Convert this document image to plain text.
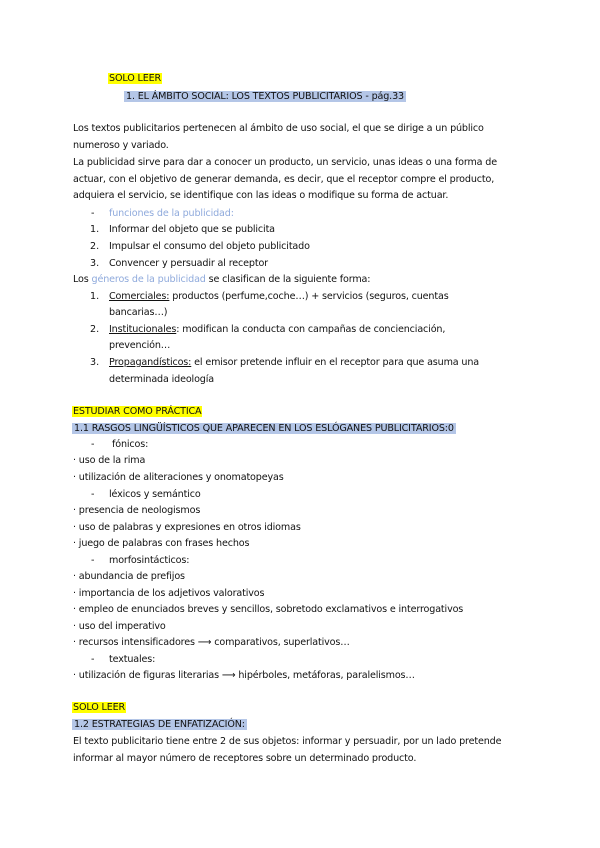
SOLO LEER
1. EL ÁMBITO SOCIAL: LOS TEXTOS PUBLICITARIOS - pág.33
Los textos publicitarios pertenecen al ámbito de uso social, el que se dirige a un público
numeroso y variado.
La publicidad sirve para dar a conocer un producto, un servicio, unas ideas o una forma de
actuar, con el objetivo de generar demanda, es decir, que el receptor compre el producto,
adquiera el servicio, se identifique con las ideas o modifique su forma de actuar.
- funciones de la publicidad:
1. Informar del objeto que se publicita
2. Impulsar el consumo del objeto publicitado
3. Convencer y persuadir al receptor
Los géneros de la publicidad se clasifican de la siguiente forma:
1. Comerciales: productos (perfume,coche…) + servicios (seguros, cuentas
bancarias…)
2. Institucionales: modifican la conducta con campañas de concienciación,
prevención…
3. Propagandísticos: el emisor pretende influir en el receptor para que asuma una
determinada ideología
ESTUDIAR COMO PRÁCTICA
1.1 RASGOS LINGÜÍSTICOS QUE APARECEN EN LOS ESLÓGANES PUBLICITARIOS:0
- fónicos:
· uso de la rima
· utilización de aliteraciones y onomatopeyas
- léxicos y semántico
· presencia de neologismos
· uso de palabras y expresiones en otros idiomas
· juego de palabras con frases hechos
- morfosintácticos:
· abundancia de prefijos
· importancia de los adjetivos valorativos
· empleo de enunciados breves y sencillos, sobretodo exclamativos e interrogativos
· uso del imperativo
· recursos intensificadores ⟶ comparativos, superlativos…
- textuales:
· utilización de figuras literarias ⟶ hipérboles, metáforas, paralelismos…
SOLO LEER
1.2 ESTRATEGIAS DE ENFATIZACIÓN:
El texto publicitario tiene entre 2 de sus objetos: informar y persuadir, por un lado pretende
informar al mayor número de receptores sobre un determinado producto.
